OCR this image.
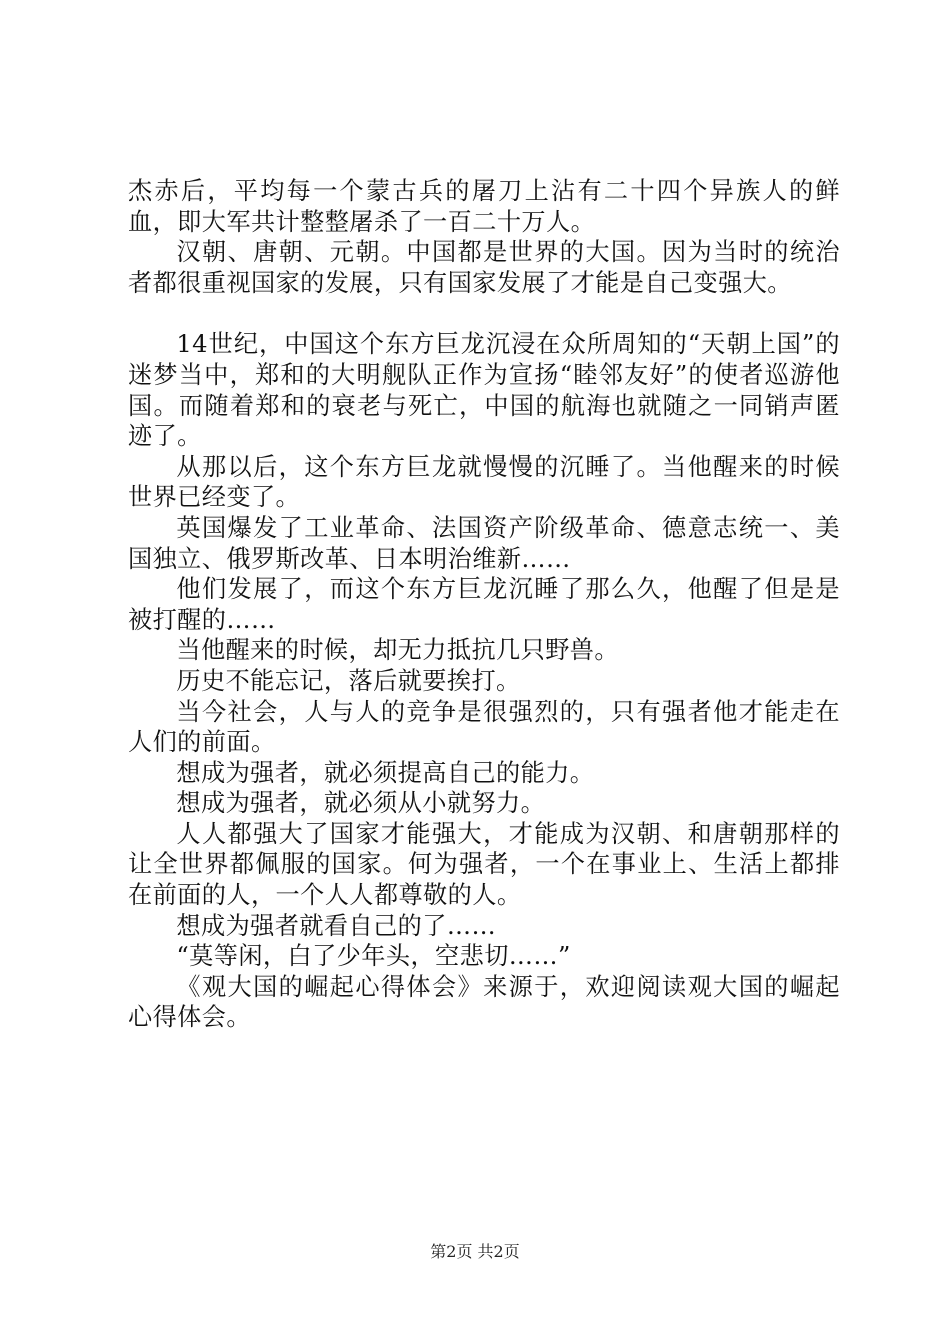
杰赤后，平均每一个蒙古兵的屠刀上沾有二十四个异族人的鲜血，即大军共计整整屠杀了一百二十万人。

汉朝、唐朝、元朝。中国都是世界的大国。因为当时的统治者都很重视国家的发展，只有国家发展了才能是自己变强大。

14世纪，中国这个东方巨龙沉浸在众所周知的“天朝上国”的迷梦当中，郑和的大明舰队正作为宣扬“睦邻友好”的使者巡游他国。而随着郑和的衰老与死亡，中国的航海也就随之一同销声匿迹了。

从那以后，这个东方巨龙就慢慢的沉睡了。当他醒来的时候世界已经变了。

英国爆发了工业革命、法国资产阶级革命、德意志统一、美国独立、俄罗斯改革、日本明治维新……

他们发展了，而这个东方巨龙沉睡了那么久，他醒了但是是被打醒的……

当他醒来的时候，却无力抵抗几只野兽。

历史不能忘记，落后就要挨打。

当今社会，人与人的竞争是很强烈的，只有强者他才能走在人们的前面。

想成为强者，就必须提高自己的能力。

想成为强者，就必须从小就努力。

人人都强大了国家才能强大，才能成为汉朝、和唐朝那样的让全世界都佩服的国家。何为强者，一个在事业上、生活上都排在前面的人，一个人人都尊敬的人。

想成为强者就看自己的了……

“莫等闲，白了少年头，空悲切……”

《观大国的崛起心得体会》来源于，欢迎阅读观大国的崛起心得体会。

第2页 共2页
